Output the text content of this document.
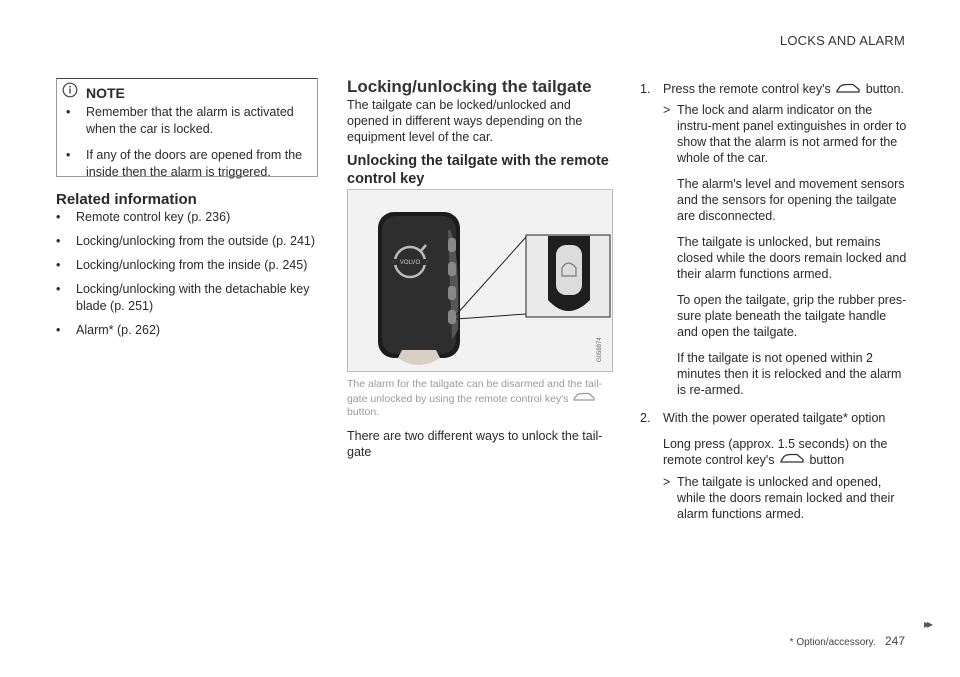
LOCKS AND ALARM
NOTE
• Remember that the alarm is activated when the car is locked.
• If any of the doors are opened from the inside then the alarm is triggered.
Related information
• Remote control key (p. 236)
• Locking/unlocking from the outside (p. 241)
• Locking/unlocking from the inside (p. 245)
• Locking/unlocking with the detachable key blade (p. 251)
• Alarm* (p. 262)
Locking/unlocking the tailgate
The tailgate can be locked/unlocked and opened in different ways depending on the equipment level of the car.
Unlocking the tailgate with the remote control key
VOLVO
G058874
The alarm for the tailgate can be disarmed and the tail-gate unlocked by using the remote control key's  button.
There are two different ways to unlock the tail-gate
1. Press the remote control key's	button.
> The lock and alarm indicator on the instru-ment panel extinguishes in order to show that the alarm is not armed for the whole of the car.
The alarm's level and movement sensors and the sensors for opening the tailgate are disconnected.
The tailgate is unlocked, but remains closed while the doors remain locked and their alarm functions armed.
To open the tailgate, grip the rubber pres-sure plate beneath the tailgate handle and open the tailgate.
If the tailgate is not opened within 2 minutes then it is relocked and the alarm is re-armed.
2. With the power operated tailgate* option
Long press (approx. 1.5 seconds) on the remote control key's	button
> The tailgate is unlocked and opened, while the doors remain locked and their alarm functions armed.
▸▸
* Option/accessory. 247
